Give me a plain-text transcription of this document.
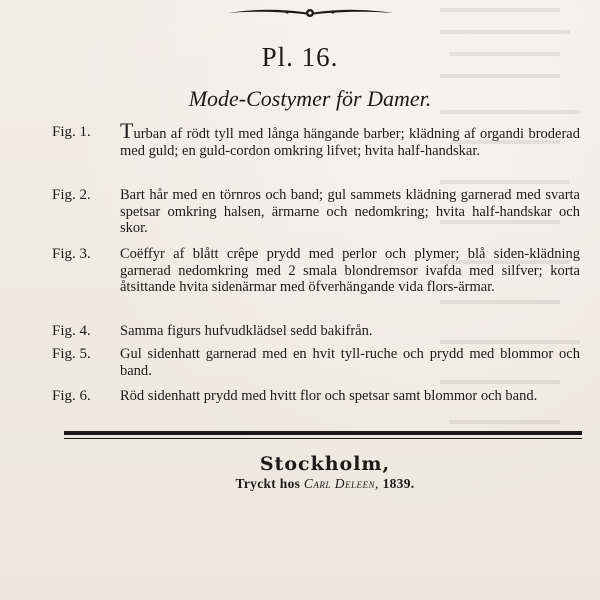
Pl. 16.
Mode-Costymer för Damer.
Fig. 1.	Turban af rödt tyll med långa hängande barber; klädning af organdi broderad med guld; en guld-cordon omkring lifvet; hvita half-handskar.
Fig. 2.	Bart hår med en törnros och band; gul sammets klädning garnerad med svarta spetsar omkring halsen, ärmarne och nedomkring; hvita half-handskar och skor.
Fig. 3.	Coëffyr af blått crêpe prydd med perlor och plymer; blå siden-klädning garnerad nedomkring med 2 smala blondremsor ivafda med silfver; korta åtsittande hvita sidenärmar med öfverhängande vida flors-ärmar.
Fig. 4.	Samma figurs hufvudklädsel sedd bakifrån.
Fig. 5.	Gul sidenhatt garnerad med en hvit tyll-ruche och prydd med blommor och band.
Fig. 6.	Röd sidenhatt prydd med hvitt flor och spetsar samt blommor och band.
Stockholm,
Tryckt hos Carl Deleen, 1839.
